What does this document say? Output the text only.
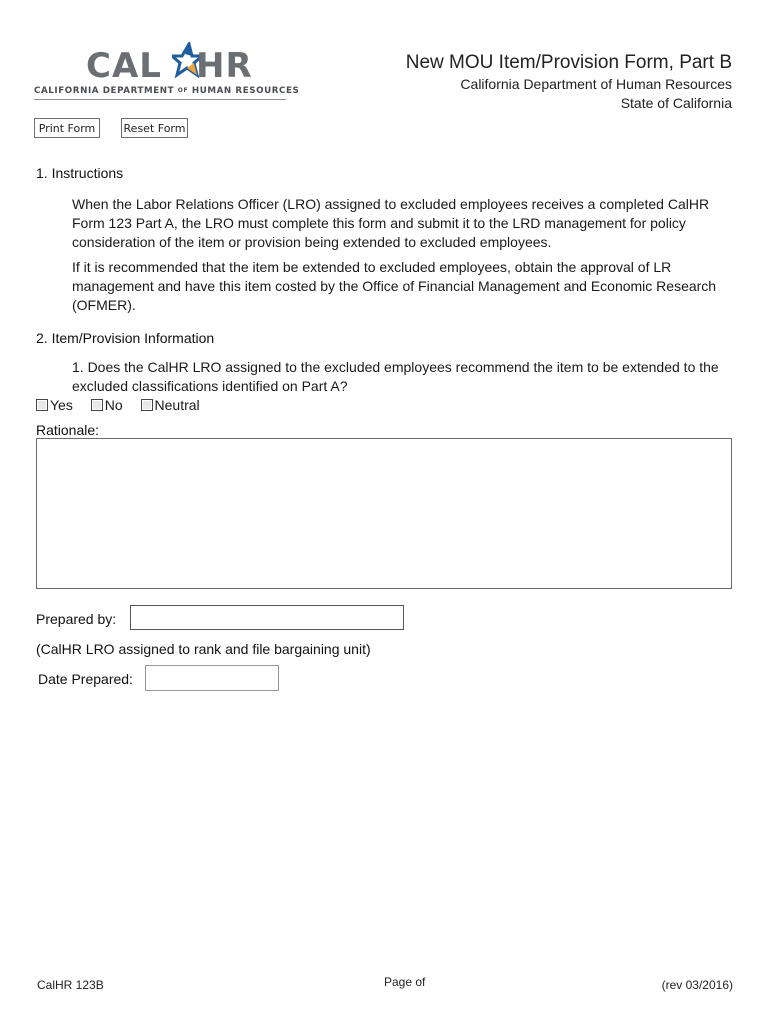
CAL HR
CALIFORNIA DEPARTMENT OF HUMAN RESOURCES
New MOU Item/Provision Form, Part B
California Department of Human Resources
State of California
Print Form	Reset Form
1. Instructions
When the Labor Relations Officer (LRO) assigned to excluded employees receives a completed CalHR
Form 123 Part A, the LRO must complete this form and submit it to the LRD management for policy
consideration of the item or provision being extended to excluded employees.
If it is recommended that the item be extended to excluded employees, obtain the approval of LR
management and have this item costed by the Office of Financial Management and Economic Research
(OFMER).
2. Item/Provision Information
1. Does the CalHR LRO assigned to the excluded employees recommend the item to be extended to the
excluded classifications identified on Part A?
Yes No Neutral
Rationale:
Prepared by:
(CalHR LRO assigned to rank and file bargaining unit)
Date Prepared:
CalHR 123B	Page of	(rev 03/2016)
